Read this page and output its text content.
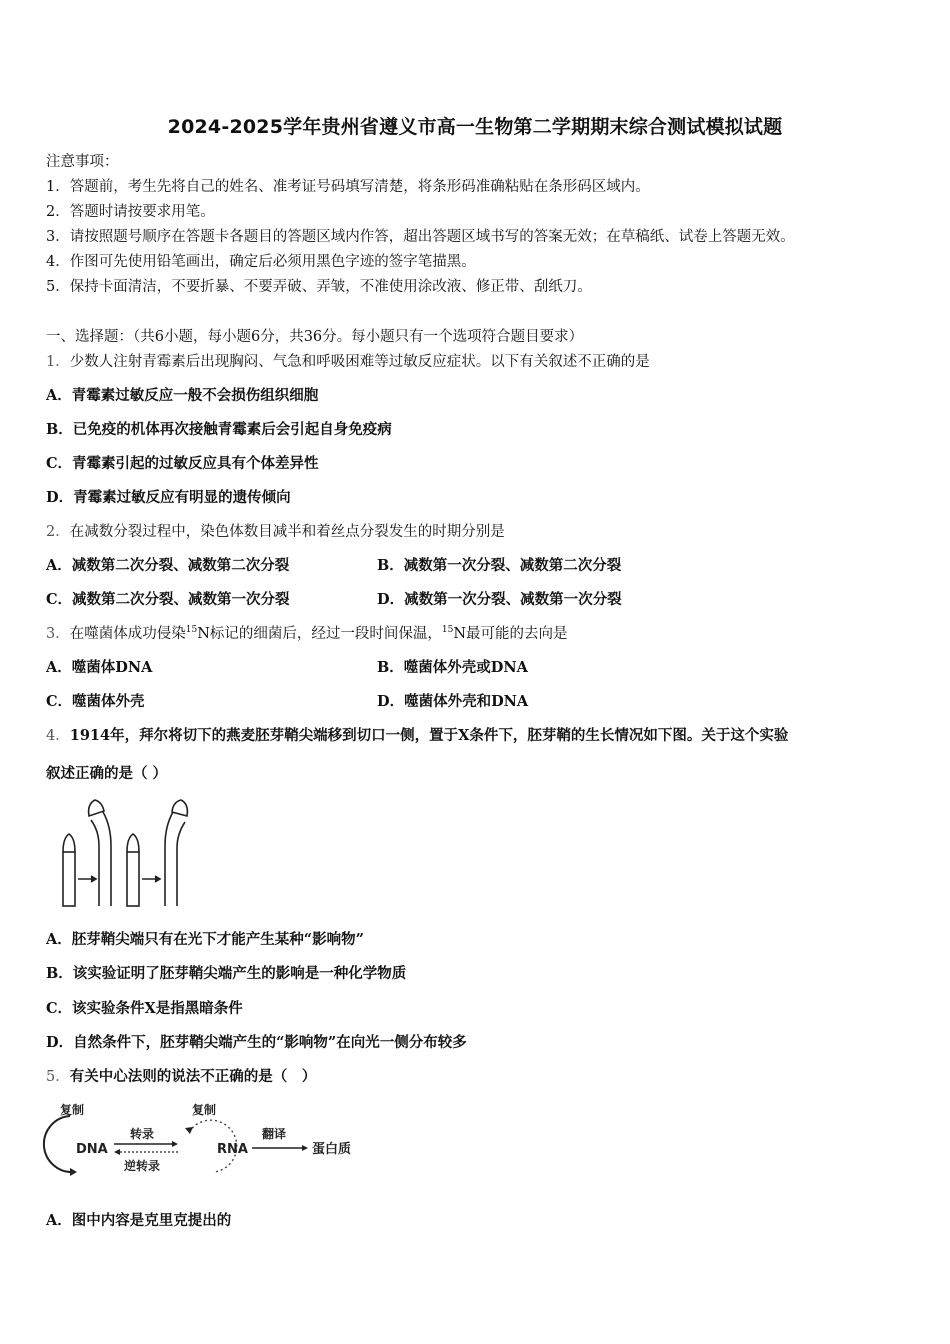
2024-2025学年贵州省遵义市高一生物第二学期期末综合测试模拟试题
注意事项：
1．答题前，考生先将自己的姓名、准考证号码填写清楚，将条形码准确粘贴在条形码区域内。
2．答题时请按要求用笔。
3．请按照题号顺序在答题卡各题目的答题区域内作答，超出答题区域书写的答案无效；在草稿纸、试卷上答题无效。
4．作图可先使用铅笔画出，确定后必须用黑色字迹的签字笔描黑。
5．保持卡面清洁，不要折暴、不要弄破、弄皱，不准使用涂改液、修正带、刮纸刀。
一、选择题：（共6小题，每小题6分，共36分。每小题只有一个选项符合题目要求）
1．少数人注射青霉素后出现胸闷、气急和呼吸困难等过敏反应症状。以下有关叙述不正确的是
A．青霉素过敏反应一般不会损伤组织细胞
B．已免疫的机体再次接触青霉素后会引起自身免疫病
C．青霉素引起的过敏反应具有个体差异性
D．青霉素过敏反应有明显的遗传倾向
2．在减数分裂过程中，染色体数目减半和着丝点分裂发生的时期分别是
A．减数第二次分裂、减数第二次分裂	B．减数第一次分裂、减数第二次分裂
C．减数第二次分裂、减数第一次分裂	D．减数第一次分裂、减数第一次分裂
3．在噬菌体成功侵染$^{15}$N标记的细菌后，经过一段时间保温，$^{15}$N最可能的去向是
A．噬菌体DNA	B．噬菌体外壳或DNA
C．噬菌体外壳	D．噬菌体外壳和DNA
4．1914年，拜尔将切下的燕麦胚芽鞘尖端移到切口一侧，置于X条件下，胚芽鞘的生长情况如下图。关于这个实验
叙述正确的是（ ）
A．胚芽鞘尖端只有在光下才能产生某种“影响物”
B．该实验证明了胚芽鞘尖端产生的影响是一种化学物质
C．该实验条件X是指黑暗条件
D．自然条件下，胚芽鞘尖端产生的“影响物”在向光一侧分布较多
5．有关中心法则的说法不正确的是（　）
复制
DNA
转录
逆转录
复制
RNA
翻译
蛋白质
A．图中内容是克里克提出的
